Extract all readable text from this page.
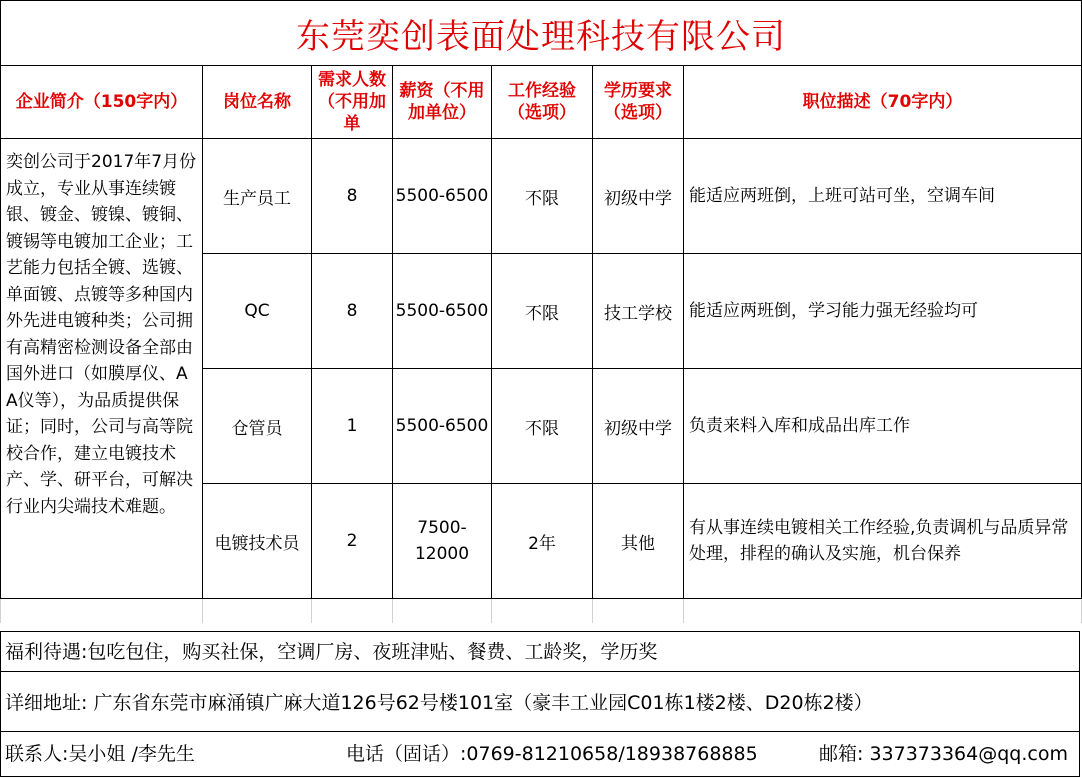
东莞奕创表面处理科技有限公司
企业简介（150字内）	岗位名称	需求人数（不用加单	薪资（不用加单位）	工作经验（选项）	学历要求（选项）	职位描述（70字内）
奕创公司于2017年7月份成立，专业从事连续镀银、镀金、镀镍、镀铜、镀锡等电镀加工企业；工艺能力包括全镀、选镀、单面镀、点镀等多种国内外先进电镀种类；公司拥有高精密检测设备全部由国外进口（如膜厚仪、AA仪等），为品质提供保证；同时，公司与高等院校合作，建立电镀技术产、学、研平台，可解决行业内尖端技术难题。	生产员工	8	5500-6500	不限	初级中学	能适应两班倒，上班可站可坐，空调车间
	QC	8	5500-6500	不限	技工学校	能适应两班倒，学习能力强无经验均可
	仓管员	1	5500-6500	不限	初级中学	负责来料入库和成品出库工作
	电镀技术员	2	7500-12000	2年	其他	有从事连续电镀相关工作经验,负责调机与品质异常处理，排程的确认及实施，机台保养

福利待遇:包吃包住，购买社保，空调厂房、夜班津贴、餐费、工龄奖，学历奖
详细地址: 广东省东莞市麻涌镇广麻大道126号62号楼101室（豪丰工业园C01栋1楼2楼、D20栋2楼）
联系人:吴小姐 /李先生	电话（固话）:0769-81210658/18938768885	邮箱: 337373364@qq.com
